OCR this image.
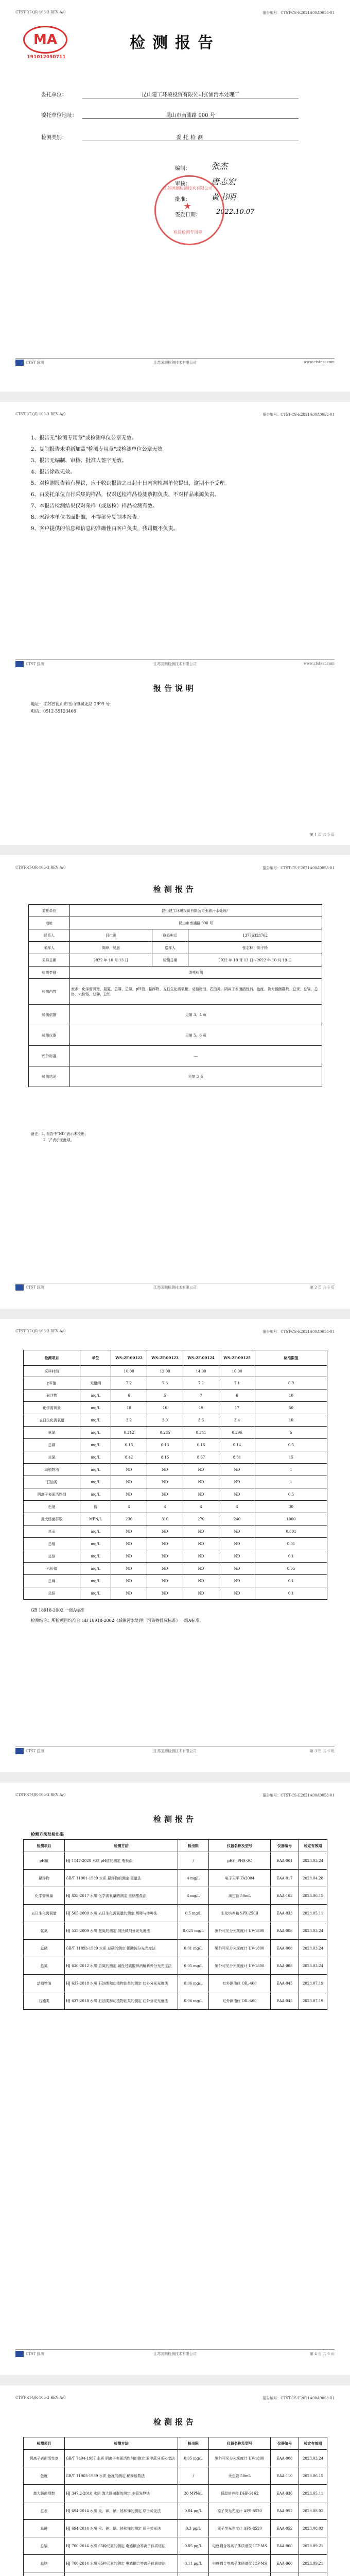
CTST-RT-QR-103-3 REV A/0	报告编号：CTST-CS-E2021A00A0058-01
MA
191012050711
检测报告
委托单位：	昆山建工环境投资有限公司张浦污水处理厂
委托单位地址：	昆山市南浦路 900 号
检测类别：	委托检测
编制：	张杰
审核：	唐志宏
批准：	黄书明
签发日期： 2022.10.07
★
江苏国测检测技术有限公司
检验检测专用章
CTST 国测	江苏国测检测技术有限公司	www.ctstest.com
CTST-RT-QR-103-3 REV A/0	报告编号：CTST-CS-E2021A00A0058-01
1、报告无"检测专用章"或检测单位公章无效。
2、复制报告未重新加盖"检测专用章"或检测单位公章无效。
3、报告无编制、审核、批准人签字无效。
4、报告涂改无效。
5、对检测报告若有异议，应于收到报告之日起十日内向检测单位提出，逾期不予受理。
6、由委托单位自行采集的样品，仅对送检样品检测数据负责，不对样品来源负责。
7、本报告检测结果仅对采样（或送检）样品检测有效。
8、未经本单位书面批准，不得部分复制本报告。
9、客户提供的信息和信息的准确性由客户负责，我司概不负责。
CTST 国测	江苏国测检测技术有限公司	www.ctstest.com
报告说明
地址：江苏省昆山市玉山镇城北路 2699 号
电话：0512-55123466
第 1 页 共 6 页
CTST-RT-QR-103-3 REV A/0	报告编号：CTST-CS-E2021A00A0058-01
检测报告
委托单位	昆山建工环境投资有限公司张浦污水处理厂		
地址	昆山市南浦路 900 号		
联系人	吕仁炎	联系电话	13776328762
采样人	陈峰、吴晨	送样人	张志林、陈子杨
采样日期	2022 年 10 月 13 日	检测日期	2022 年 10 月 13 日～2022 年 10 月 19 日
检测类别	委托检测		
检测内容	废水：化学需氧量、氨氮、总磷、总氮、pH值、悬浮物、五日生化需氧量、动植物油、石油类、阴离子表面活性剂、色度、粪大肠菌群数、总汞、总镉、总铬、六价铬、总砷、总铅		
检测依据	见第 3、4 页		
检测仪器	见第 5、6 页		
评价标准	—		
检测结论	见第 3 页		
备注：1. 报告中"ND"表示未检出；
2. "/"表示无此项。
CTST 国测	江苏国测检测技术有限公司	第 2 页 共 6 页
CTST-RT-QR-103-3 REV A/0	报告编号：CTST-CS-E2021A00A0058-01
检测项目	单位	WS-2F-00122	WS-2F-00123	WS-2F-00124	WS-2F-00125	标准限值
采样时间		10:00	12:00	14:00	16:00	
pH值	无量纲	7.2	7.3	7.2	7.1	6-9
悬浮物	mg/L	6	5	7	6	10
化学需氧量	mg/L	18	16	19	17	50
五日生化需氧量	mg/L	3.2	3.0	3.6	3.4	10
氨氮	mg/L	0.312	0.285	0.341	0.296	5
总磷	mg/L	0.15	0.13	0.16	0.14	0.5
总氮	mg/L	8.42	8.15	8.67	8.31	15
动植物油	mg/L	ND	ND	ND	ND	1
石油类	mg/L	ND	ND	ND	ND	1
阴离子表面活性剂	mg/L	ND	ND	ND	ND	0.5
色度	倍	4	4	4	4	30
粪大肠菌群数	MPN/L	230	310	270	240	1000
总汞	mg/L	ND	ND	ND	ND	0.001
总镉	mg/L	ND	ND	ND	ND	0.01
总铬	mg/L	ND	ND	ND	ND	0.1
六价铬	mg/L	ND	ND	ND	ND	0.05
总砷	mg/L	ND	ND	ND	ND	0.1
总铅	mg/L	ND	ND	ND	ND	0.1
GB 18918-2002 一级A标准
检测结论：所检项目均符合 GB 18918-2002《城镇污水处理厂污染物排放标准》一级A标准。
CTST 国测	江苏国测检测技术有限公司	第 3 页 共 6 页
CTST-RT-QR-103-3 REV A/0	报告编号：CTST-CS-E2021A00A0058-01
检测报告
检测方法及检出限
检测项目	检测方法	检出限	仪器名称及型号	仪器编号	检定有效期
pH值	HJ 1147-2020 水质 pH值的测定 电极法	/	pH计 PHS-3C	EAA-001	2023.03.24
悬浮物	GB/T 11901-1989 水质 悬浮物的测定 重量法	4 mg/L	电子天平 FA2004	EAA-017	2023.04.28
化学需氧量	HJ 828-2017 水质 化学需氧量的测定 重铬酸盐法	4 mg/L	滴定管 50mL	EAA-102	2023.06.15
五日生化需氧量	HJ 505-2009 水质 五日生化需氧量的测定 稀释与接种法	0.5 mg/L	生化培养箱 SPX-250B	EAA-033	2023.05.11
氨氮	HJ 535-2009 水质 氨氮的测定 纳氏试剂分光光度法	0.025 mg/L	紫外可见分光光度计 UV-1800	EAA-008	2023.03.24
总磷	GB/T 11893-1989 水质 总磷的测定 钼酸铵分光光度法	0.01 mg/L	紫外可见分光光度计 UV-1800	EAA-008	2023.03.24
总氮	HJ 636-2012 水质 总氮的测定 碱性过硫酸钾消解紫外分光光度法	0.05 mg/L	紫外可见分光光度计 UV-1800	EAA-008	2023.03.24
动植物油	HJ 637-2018 水质 石油类和动植物油类的测定 红外分光光度法	0.06 mg/L	红外测油仪 OIL-460	EAA-045	2023.07.19
石油类	HJ 637-2018 水质 石油类和动植物油类的测定 红外分光光度法	0.06 mg/L	红外测油仪 OIL-460	EAA-045	2023.07.19
CTST 国测	江苏国测检测技术有限公司	第 4 页 共 6 页
CTST-RT-QR-103-3 REV A/0	报告编号：CTST-CS-E2021A00A0058-01
检测报告
检测项目	检测方法	检出限	仪器名称及型号	仪器编号	检定有效期
阴离子表面活性剂	GB/T 7494-1987 水质 阴离子表面活性剂的测定 亚甲蓝分光光度法	0.05 mg/L	紫外可见分光光度计 UV-1800	EAA-008	2023.03.24
色度	GB/T 11903-1989 水质 色度的测定 稀释倍数法	/	比色管 50mL	EAA-110	2023.06.15
粪大肠菌群数	HJ 347.2-2018 水质 粪大肠菌群的测定 多管发酵法	20 MPN/L	恒温培养箱 DHP-9162	EAA-036	2023.05.11
总汞	HJ 694-2014 水质 汞、砷、硒、铋和锑的测定 原子荧光法	0.04 μg/L	原子荧光光度计 AFS-8520	EAA-052	2023.08.02
总砷	HJ 694-2014 水质 汞、砷、硒、铋和锑的测定 原子荧光法	0.3 μg/L	原子荧光光度计 AFS-8520	EAA-052	2023.08.02
总镉	HJ 700-2014 水质 65种元素的测定 电感耦合等离子体质谱法	0.05 μg/L	电感耦合等离子体质谱仪 ICP-MS	EAA-060	2023.09.21
总铬	HJ 700-2014 水质 65种元素的测定 电感耦合等离子体质谱法	0.11 μg/L	电感耦合等离子体质谱仪 ICP-MS	EAA-060	2023.09.21
